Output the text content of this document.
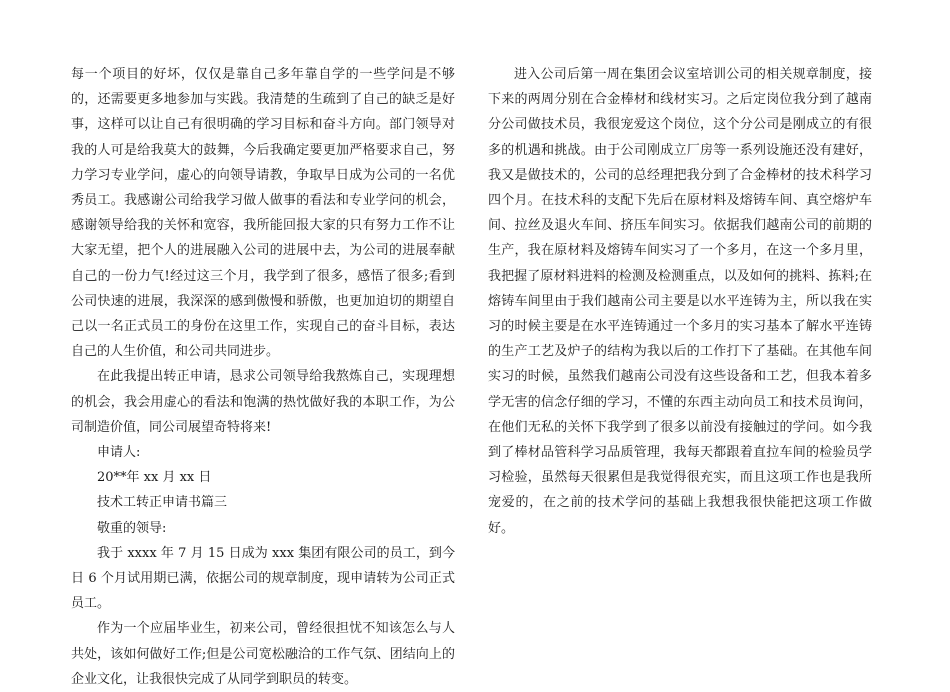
每一个项目的好坏，仅仅是靠自己多年靠自学的一些学问是不够的，还需要更多地参加与实践。我清楚的生疏到了自己的缺乏是好事，这样可以让自己有很明确的学习目标和奋斗方向。部门领导对我的人可是给我莫大的鼓舞，今后我确定要更加严格要求自己，努力学习专业学问，虚心的向领导请教，争取早日成为公司的一名优秀员工。我感谢公司给我学习做人做事的看法和专业学问的机会，感谢领导给我的关怀和宽容，我所能回报大家的只有努力工作不让大家无望，把个人的进展融入公司的进展中去，为公司的进展奉献自己的一份力气!经过这三个月，我学到了很多，感悟了很多;看到公司快速的进展，我深深的感到傲慢和骄傲，也更加迫切的期望自己以一名正式员工的身份在这里工作，实现自己的奋斗目标，表达自己的人生价值，和公司共同进步。

在此我提出转正申请，恳求公司领导给我熬炼自己，实现理想的机会，我会用虚心的看法和饱满的热忱做好我的本职工作，为公司制造价值，同公司展望奇特将来!

申请人:

20**年 xx 月 xx 日

技术工转正申请书篇三

敬重的领导:

我于 xxxx 年 7 月 15 日成为 xxx 集团有限公司的员工，到今日 6 个月试用期已满，依据公司的规章制度，现申请转为公司正式员工。

作为一个应届毕业生，初来公司，曾经很担忧不知该怎么与人共处，该如何做好工作;但是公司宽松融洽的工作气氛、团结向上的企业文化，让我很快完成了从同学到职员的转变。

进入公司后第一周在集团会议室培训公司的相关规章制度，接下来的两周分别在合金棒材和线材实习。之后定岗位我分到了越南分公司做技术员，我很宠爱这个岗位，这个分公司是刚成立的有很多的机遇和挑战。由于公司刚成立厂房等一系列设施还没有建好，我又是做技术的，公司的总经理把我分到了合金棒材的技术科学习四个月。在技术科的支配下先后在原材料及熔铸车间、真空熔炉车间、拉丝及退火车间、挤压车间实习。依据我们越南公司的前期的生产，我在原材料及熔铸车间实习了一个多月，在这一个多月里，我把握了原材料进料的检测及检测重点，以及如何的挑料、拣料;在熔铸车间里由于我们越南公司主要是以水平连铸为主，所以我在实习的时候主要是在水平连铸通过一个多月的实习基本了解水平连铸的生产工艺及炉子的结构为我以后的工作打下了基础。在其他车间实习的时候，虽然我们越南公司没有这些设备和工艺，但我本着多学无害的信念仔细的学习，不懂的东西主动向员工和技术员询问，在他们无私的关怀下我学到了很多以前没有接触过的学问。如今我到了棒材品管科学习品质管理，我每天都跟着直拉车间的检验员学习检验，虽然每天很累但是我觉得很充实，而且这项工作也是我所宠爱的，在之前的技术学问的基础上我想我很快能把这项工作做好。
